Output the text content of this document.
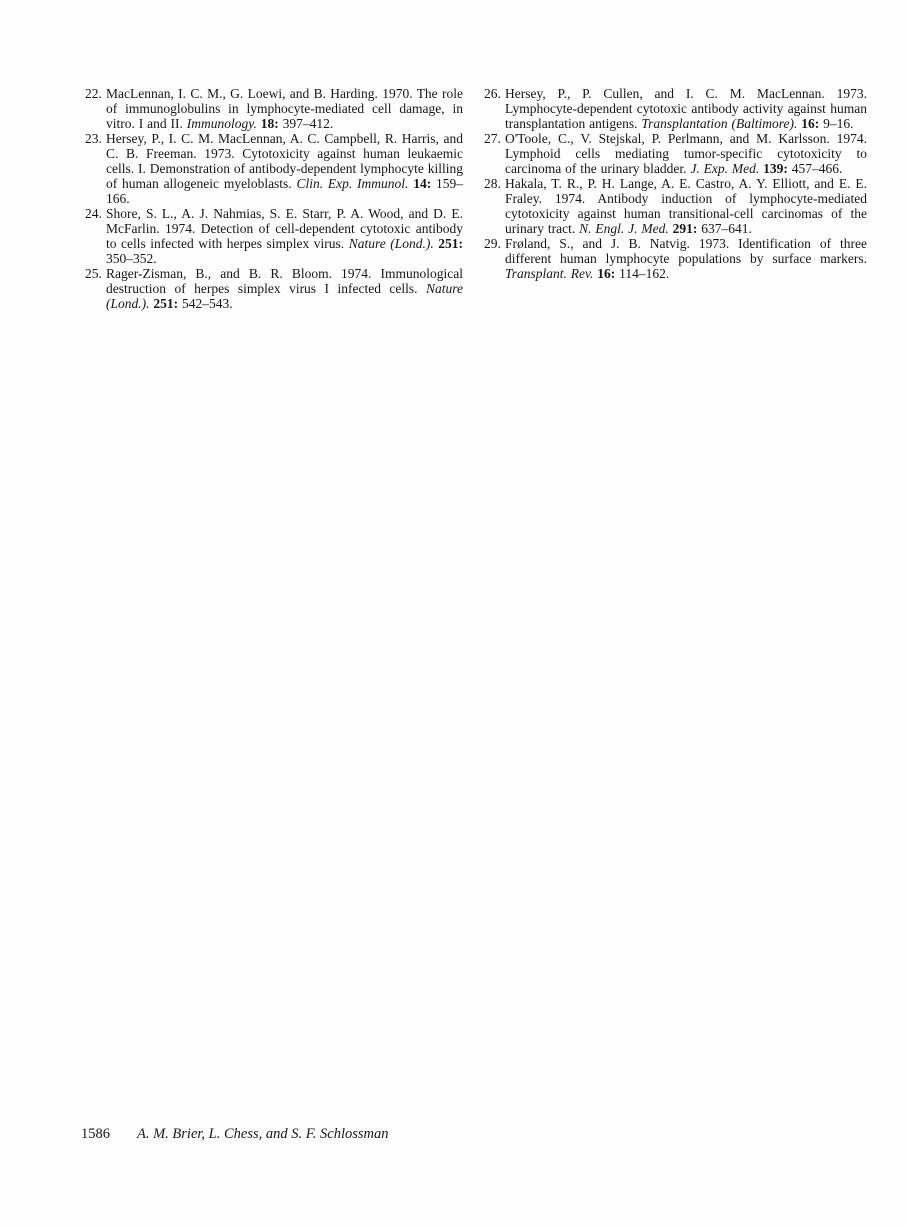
22. MacLennan, I. C. M., G. Loewi, and B. Harding. 1970. The role of immunoglobulins in lymphocyte-mediated cell damage, in vitro. I and II. Immunology. 18: 397–412.
23. Hersey, P., I. C. M. MacLennan, A. C. Campbell, R. Harris, and C. B. Freeman. 1973. Cytotoxicity against human leukaemic cells. I. Demonstration of antibody-dependent lymphocyte killing of human allogeneic myeloblasts. Clin. Exp. Immunol. 14: 159–166.
24. Shore, S. L., A. J. Nahmias, S. E. Starr, P. A. Wood, and D. E. McFarlin. 1974. Detection of cell-dependent cytotoxic antibody to cells infected with herpes simplex virus. Nature (Lond.). 251: 350–352.
25. Rager-Zisman, B., and B. R. Bloom. 1974. Immunological destruction of herpes simplex virus I infected cells. Nature (Lond.). 251: 542–543.
26. Hersey, P., P. Cullen, and I. C. M. MacLennan. 1973. Lymphocyte-dependent cytotoxic antibody activity against human transplantation antigens. Transplantation (Baltimore). 16: 9–16.
27. O'Toole, C., V. Stejskal, P. Perlmann, and M. Karlsson. 1974. Lymphoid cells mediating tumor-specific cytotoxicity to carcinoma of the urinary bladder. J. Exp. Med. 139: 457–466.
28. Hakala, T. R., P. H. Lange, A. E. Castro, A. Y. Elliott, and E. E. Fraley. 1974. Antibody induction of lymphocyte-mediated cytotoxicity against human transitional-cell carcinomas of the urinary tract. N. Engl. J. Med. 291: 637–641.
29. Frøland, S., and J. B. Natvig. 1973. Identification of three different human lymphocyte populations by surface markers. Transplant. Rev. 16: 114–162.
1586 A. M. Brier, L. Chess, and S. F. Schlossman
